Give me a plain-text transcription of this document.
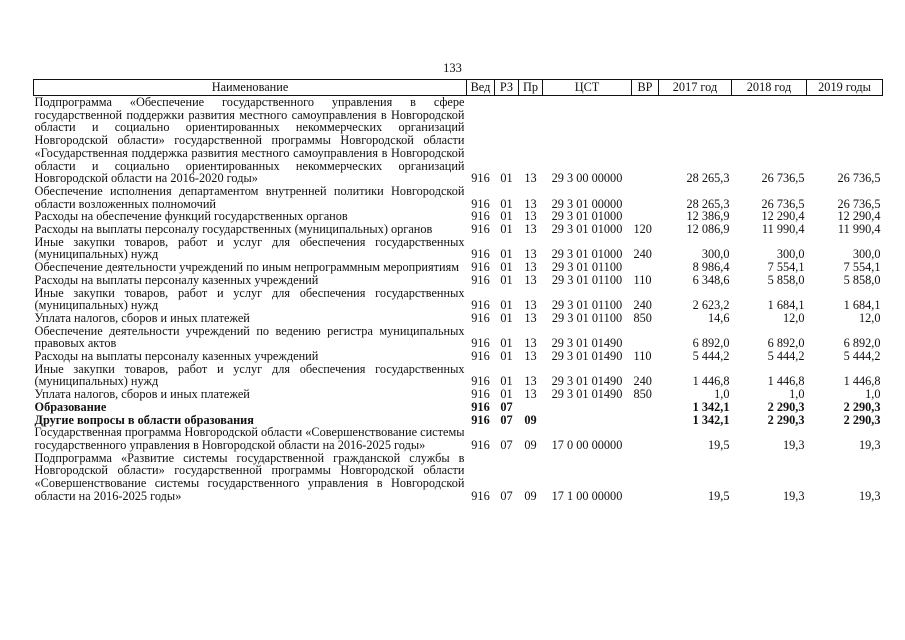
133
Наименование	Вед	РЗ	Пр	ЦСТ	ВР	2017 год	2018 год	2019 годы
Подпрограмма «Обеспечение государственного управления в сфере государственной поддержки развития местного самоуправления в Новгородской области и социально ориентированных некоммерческих организаций Новгородской области» государственной программы Новгородской области «Государственная поддержка развития местного самоуправления в Новгородской области и социально ориентированных некоммерческих организаций Новгородской области на 2016-2020 годы»	916	01	13	29 3 00 00000		28 265,3	26 736,5	26 736,5
Обеспечение исполнения департаментом внутренней политики Новгородской области возложенных полномочий	916	01	13	29 3 01 00000		28 265,3	26 736,5	26 736,5
Расходы на обеспечение функций государственных органов	916	01	13	29 3 01 01000		12 386,9	12 290,4	12 290,4
Расходы на выплаты персоналу государственных (муниципальных) органов	916	01	13	29 3 01 01000	120	12 086,9	11 990,4	11 990,4
Иные закупки товаров, работ и услуг для обеспечения государственных (муниципальных) нужд	916	01	13	29 3 01 01000	240	300,0	300,0	300,0
Обеспечение деятельности учреждений по иным непрограммным мероприятиям	916	01	13	29 3 01 01100		8 986,4	7 554,1	7 554,1
Расходы на выплаты персоналу казенных учреждений	916	01	13	29 3 01 01100	110	6 348,6	5 858,0	5 858,0
Иные закупки товаров, работ и услуг для обеспечения государственных (муниципальных) нужд	916	01	13	29 3 01 01100	240	2 623,2	1 684,1	1 684,1
Уплата налогов, сборов и иных платежей	916	01	13	29 3 01 01100	850	14,6	12,0	12,0
Обеспечение деятельности учреждений по ведению регистра муниципальных правовых актов	916	01	13	29 3 01 01490		6 892,0	6 892,0	6 892,0
Расходы на выплаты персоналу казенных учреждений	916	01	13	29 3 01 01490	110	5 444,2	5 444,2	5 444,2
Иные закупки товаров, работ и услуг для обеспечения государственных (муниципальных) нужд	916	01	13	29 3 01 01490	240	1 446,8	1 446,8	1 446,8
Уплата налогов, сборов и иных платежей	916	01	13	29 3 01 01490	850	1,0	1,0	1,0
Образование	916	07				1 342,1	2 290,3	2 290,3
Другие вопросы в области образования	916	07	09			1 342,1	2 290,3	2 290,3
Государственная программа Новгородской области «Совершенствование системы государственного управления в Новгородской области на 2016-2025 годы»	916	07	09	17 0 00 00000		19,5	19,3	19,3
Подпрограмма «Развитие системы государственной гражданской службы в Новгородской области» государственной программы Новгородской области «Совершенствование системы государственного управления в Новгородской области на 2016-2025 годы»	916	07	09	17 1 00 00000		19,5	19,3	19,3
